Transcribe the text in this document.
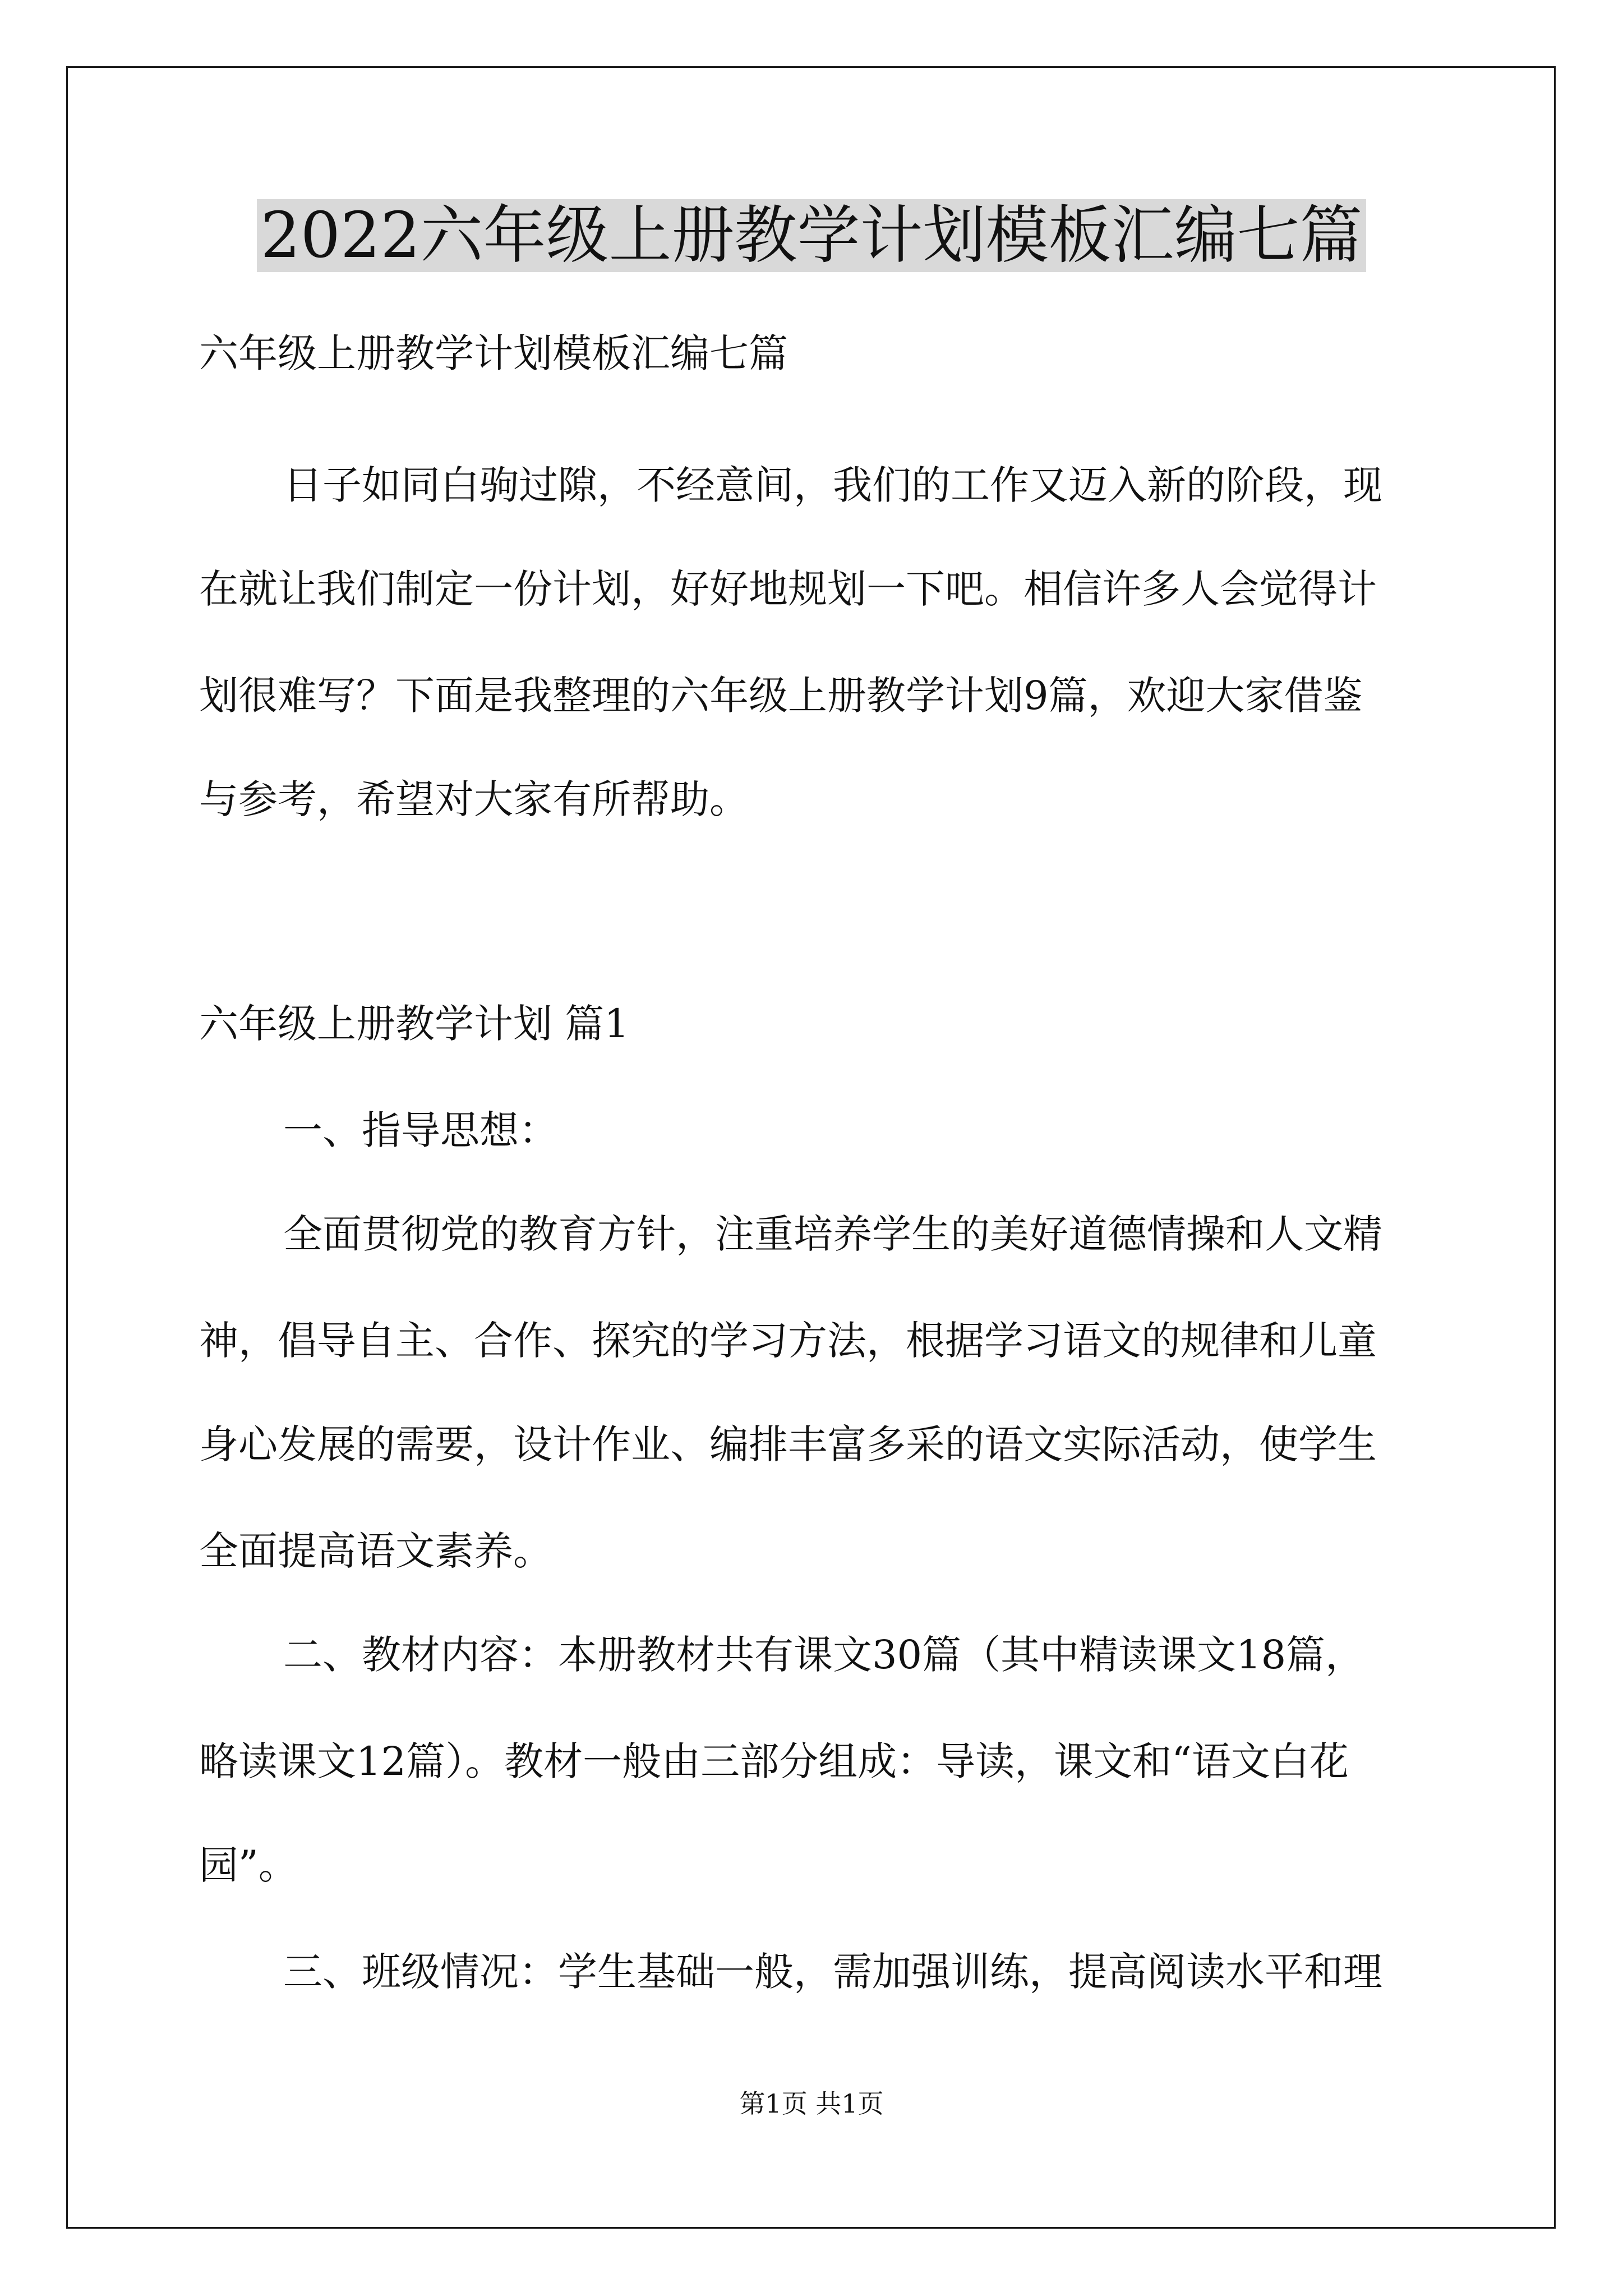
2022六年级上册教学计划模板汇编七篇
六年级上册教学计划模板汇编七篇
日子如同白驹过隙，不经意间，我们的工作又迈入新的阶段，现
在就让我们制定一份计划，好好地规划一下吧。相信许多人会觉得计
划很难写？下面是我整理的六年级上册教学计划9篇，欢迎大家借鉴
与参考，希望对大家有所帮助。
六年级上册教学计划 篇1
一、指导思想：
全面贯彻党的教育方针，注重培养学生的美好道德情操和人文精
神，倡导自主、合作、探究的学习方法，根据学习语文的规律和儿童
身心发展的需要，设计作业、编排丰富多采的语文实际活动，使学生
全面提高语文素养。
二、教材内容：本册教材共有课文30篇（其中精读课文18篇，
略读课文12篇）。教材一般由三部分组成：导读，课文和“语文白花
园”。
三、班级情况：学生基础一般，需加强训练，提高阅读水平和理
第1页 共1页
